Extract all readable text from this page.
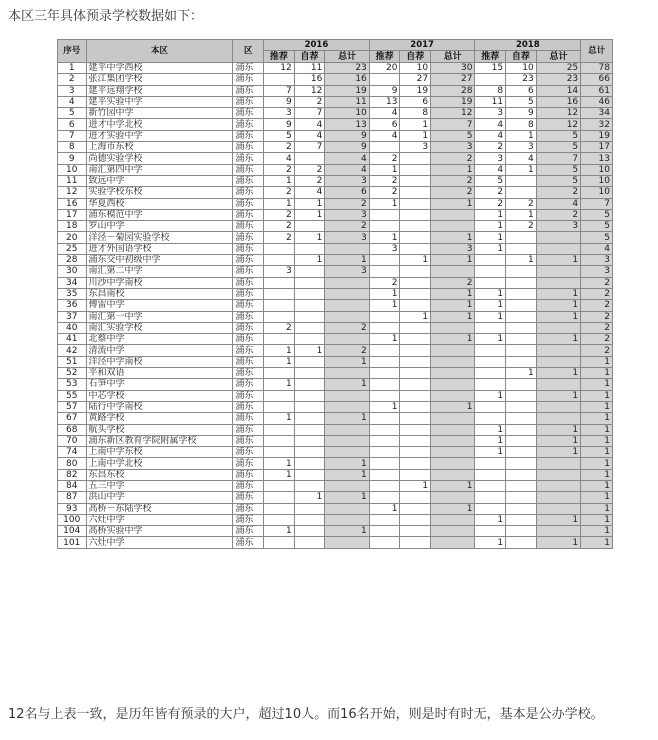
本区三年具体预录学校数据如下：
序号	本区	区	2016			2017			2018			总计
			推荐	自荐	总计	推荐	自荐	总计	推荐	自荐	总计	
1	建平中学西校	浦东	12	11	23	20	10	30	15	10	25	78
2	张江集团学校	浦东		16	16		27	27		23	23	66
3	建平远翔学校	浦东	7	12	19	9	19	28	8	6	14	61
4	建平实验中学	浦东	9	2	11	13	6	19	11	5	16	46
5	新竹园中学	浦东	3	7	10	4	8	12	3	9	12	34
6	进才中学北校	浦东	9	4	13	6	1	7	4	8	12	32
7	进才实验中学	浦东	5	4	9	4	1	5	4	1	5	19
8	上海市东校	浦东	2	7	9		3	3	2	3	5	17
9	尚德实验学校	浦东	4		4	2		2	3	4	7	13
10	南汇第四中学	浦东	2	2	4	1		1	4	1	5	10
11	致远中学	浦东	1	2	3	2		2	5		5	10
12	实验学校东校	浦东	2	4	6	2		2	2		2	10
16	华夏西校	浦东	1	1	2	1		1	2	2	4	7
17	浦东模范中学	浦东	2	1	3				1	1	2	5
18	罗山中学	浦东	2		2				1	2	3	5
20	洋泾－菊园实验学校	浦东	2	1	3	1		1	1			5
25	进才外国语学校	浦东				3		3	1			4
28	浦东交中初级中学	浦东		1	1		1	1		1	1	3
30	南汇第二中学	浦东	3		3							3
34	川沙中学南校	浦东				2		2				2
35	东昌南校	浦东				1		1	1		1	2
36	傅雷中学	浦东				1		1	1		1	2
37	南汇第一中学	浦东					1	1	1		1	2
40	南汇实验学校	浦东	2		2							2
41	北蔡中学	浦东				1		1	1		1	2
42	清流中学	浦东	1	1	2							2
51	洋泾中学南校	浦东	1		1							1
52	平和双语	浦东								1	1	1
53	石笋中学	浦东	1		1							1
55	中芯学校	浦东							1		1	1
57	陆行中学南校	浦东				1		1				1
67	黄路学校	浦东	1		1							1
68	航头学校	浦东							1		1	1
70	浦东新区教育学院附属学校	浦东							1		1	1
74	上南中学东校	浦东							1		1	1
80	上南中学北校	浦东	1		1							1
82	东昌东校	浦东	1		1							1
84	五三中学	浦东					1	1				1
87	洪山中学	浦东		1	1							1
93	高桥－东陆学校	浦东				1		1				1
100	六灶中学	浦东							1		1	1
104	高桥实验中学	浦东	1		1							1
101	六灶中学	浦东							1		1	1
12名与上表一致，是历年皆有预录的大户，超过10人。而16名开始，则是时有时无，基本是公办学校。
